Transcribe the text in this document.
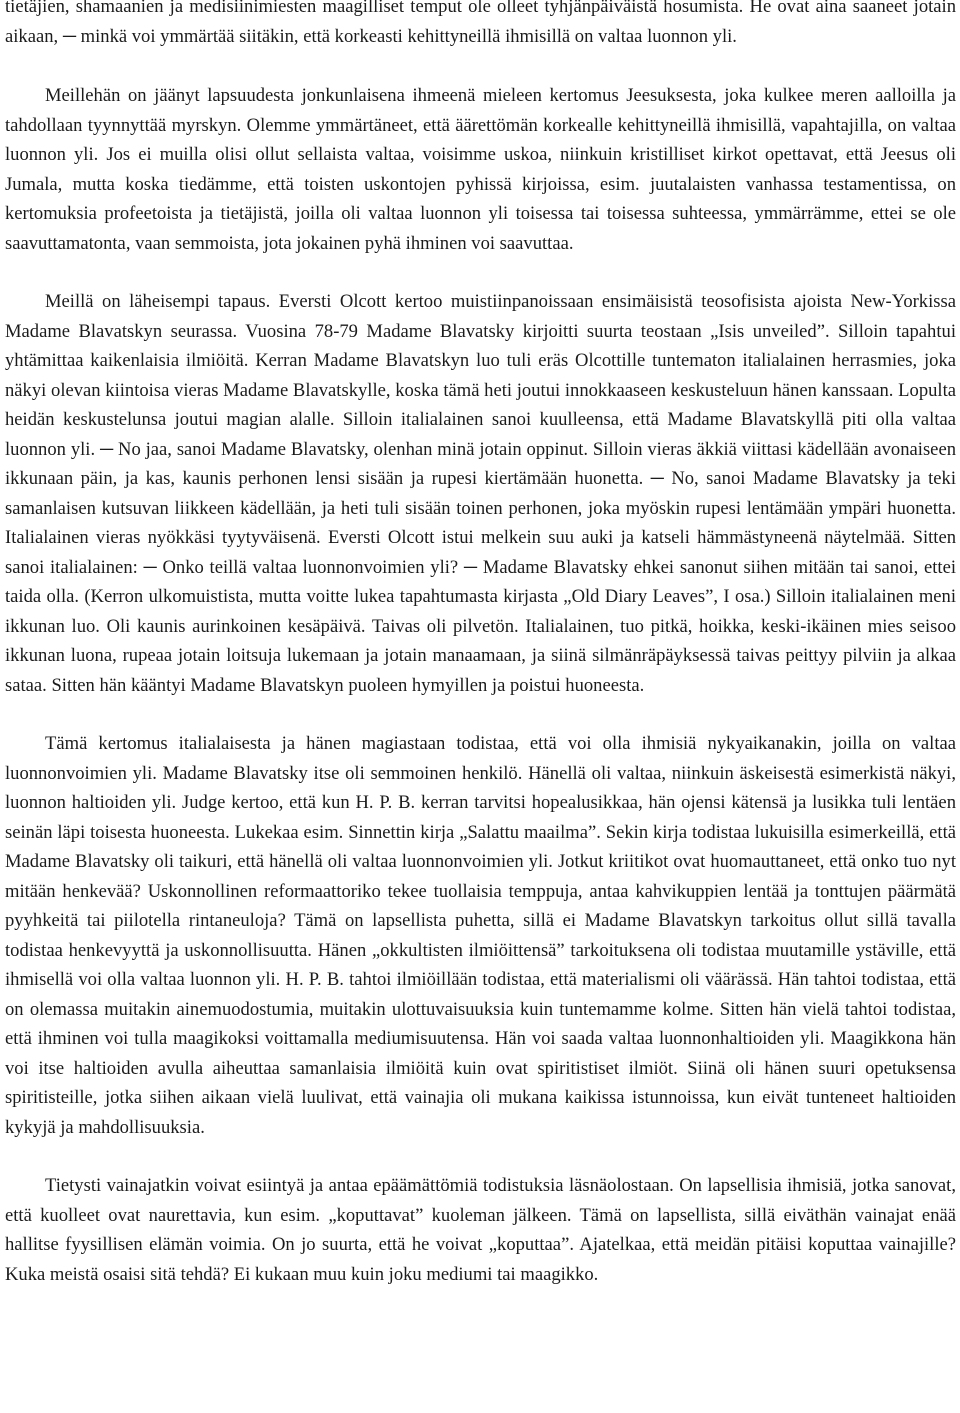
tietäjien, shamaanien ja medisiinimiesten maagilliset temput ole olleet tyhjänpäiväistä hosumista. He ovat aina saaneet jotain aikaan, ─ minkä voi ymmärtää siitäkin, että korkeasti kehittyneillä ihmisillä on valtaa luonnon yli.

Meillehän on jäänyt lapsuudesta jonkunlaisena ihmeenä mieleen kertomus Jeesuksesta, joka kulkee meren aalloilla ja tahdollaan tyynnyttää myrskyn. Olemme ymmärtäneet, että äärettömän korkealle kehittyneillä ihmisillä, vapahtajilla, on valtaa luonnon yli. Jos ei muilla olisi ollut sellaista valtaa, voisimme uskoa, niinkuin kristilliset kirkot opettavat, että Jeesus oli Jumala, mutta koska tiedämme, että toisten uskontojen pyhissä kirjoissa, esim. juutalaisten vanhassa testamentissa, on kertomuksia profeetoista ja tietäjistä, joilla oli valtaa luonnon yli toisessa tai toisessa suhteessa, ymmärrämme, ettei se ole saavuttamatonta, vaan semmoista, jota jokainen pyhä ihminen voi saavuttaa.

Meillä on läheisempi tapaus. Eversti Olcott kertoo muistiinpanoissaan ensimäisistä teosofisista ajoista New-Yorkissa Madame Blavatskyn seurassa. Vuosina 78-79 Madame Blavatsky kirjoitti suurta teostaan „Isis unveiled”. Silloin tapahtui yhtämittaa kaikenlaisia ilmiöitä. Kerran Madame Blavatskyn luo tuli eräs Olcottille tuntematon italialainen herrasmies, joka näkyi olevan kiintoisa vieras Madame Blavatskylle, koska tämä heti joutui innokkaaseen keskusteluun hänen kanssaan. Lopulta heidän keskustelunsa joutui magian alalle. Silloin italialainen sanoi kuulleensa, että Madame Blavatskyllä piti olla valtaa luonnon yli. ─ No jaa, sanoi Madame Blavatsky, olenhan minä jotain oppinut. Silloin vieras äkkiä viittasi kädellään avonaiseen ikkunaan päin, ja kas, kaunis perhonen lensi sisään ja rupesi kiertämään huonetta. ─ No, sanoi Madame Blavatsky ja teki samanlaisen kutsuvan liikkeen kädellään, ja heti tuli sisään toinen perhonen, joka myöskin rupesi lentämään ympäri huonetta. Italialainen vieras nyökkäsi tyytyväisenä. Eversti Olcott istui melkein suu auki ja katseli hämmästyneenä näytelmää. Sitten sanoi italialainen: ─ Onko teillä valtaa luonnonvoimien yli? ─ Madame Blavatsky ehkei sanonut siihen mitään tai sanoi, ettei taida olla. (Kerron ulkomuistista, mutta voitte lukea tapahtumasta kirjasta „Old Diary Leaves”, I osa.) Silloin italialainen meni ikkunan luo. Oli kaunis aurinkoinen kesäpäivä. Taivas oli pilvetön. Italialainen, tuo pitkä, hoikka, keski-ikäinen mies seisoo ikkunan luona, rupeaa jotain loitsuja lukemaan ja jotain manaamaan, ja siinä silmänräpäyksessä taivas peittyy pilviin ja alkaa sataa. Sitten hän kääntyi Madame Blavatskyn puoleen hymyillen ja poistui huoneesta.

Tämä kertomus italialaisesta ja hänen magiastaan todistaa, että voi olla ihmisiä nykyaikanakin, joilla on valtaa luonnonvoimien yli. Madame Blavatsky itse oli semmoinen henkilö. Hänellä oli valtaa, niinkuin äskeisestä esimerkistä näkyi, luonnon haltioiden yli. Judge kertoo, että kun H. P. B. kerran tarvitsi hopealusikkaa, hän ojensi kätensä ja lusikka tuli lentäen seinän läpi toisesta huoneesta. Lukekaa esim. Sinnettin kirja „Salattu maailma”. Sekin kirja todistaa lukuisilla esimerkeillä, että Madame Blavatsky oli taikuri, että hänellä oli valtaa luonnonvoimien yli. Jotkut kriitikot ovat huomauttaneet, että onko tuo nyt mitään henkevää? Uskonnollinen reformaattoriko tekee tuollaisia temppuja, antaa kahvikuppien lentää ja tonttujen päärmätä pyyhkeitä tai piilotella rintaneuloja? Tämä on lapsellista puhetta, sillä ei Madame Blavatskyn tarkoitus ollut sillä tavalla todistaa henkevyyttä ja uskonnollisuutta. Hänen „okkultisten ilmiöittensä” tarkoituksena oli todistaa muutamille ystäville, että ihmisellä voi olla valtaa luonnon yli. H. P. B. tahtoi ilmiöillään todistaa, että materialismi oli väärässä. Hän tahtoi todistaa, että on olemassa muitakin ainemuodostumia, muitakin ulottuvaisuuksia kuin tuntemamme kolme. Sitten hän vielä tahtoi todistaa, että ihminen voi tulla maagikoksi voittamalla mediumisuutensa. Hän voi saada valtaa luonnonhaltioiden yli. Maagikkona hän voi itse haltioiden avulla aiheuttaa samanlaisia ilmiöitä kuin ovat spiritistiset ilmiöt. Siinä oli hänen suuri opetuksensa spiritisteille, jotka siihen aikaan vielä luulivat, että vainajia oli mukana kaikissa istunnoissa, kun eivät tunteneet haltioiden kykyjä ja mahdollisuuksia.

Tietysti vainajatkin voivat esiintyä ja antaa epäämättömiä todistuksia läsnäolostaan. On lapsellisia ihmisiä, jotka sanovat, että kuolleet ovat naurettavia, kun esim. „koputtavat” kuoleman jälkeen. Tämä on lapsellista, sillä eiväthän vainajat enää hallitse fyysillisen elämän voimia. On jo suurta, että he voivat „koputtaa”. Ajatelkaa, että meidän pitäisi koputtaa vainajille? Kuka meistä osaisi sitä tehdä? Ei kukaan muu kuin joku mediumi tai maagikko.
